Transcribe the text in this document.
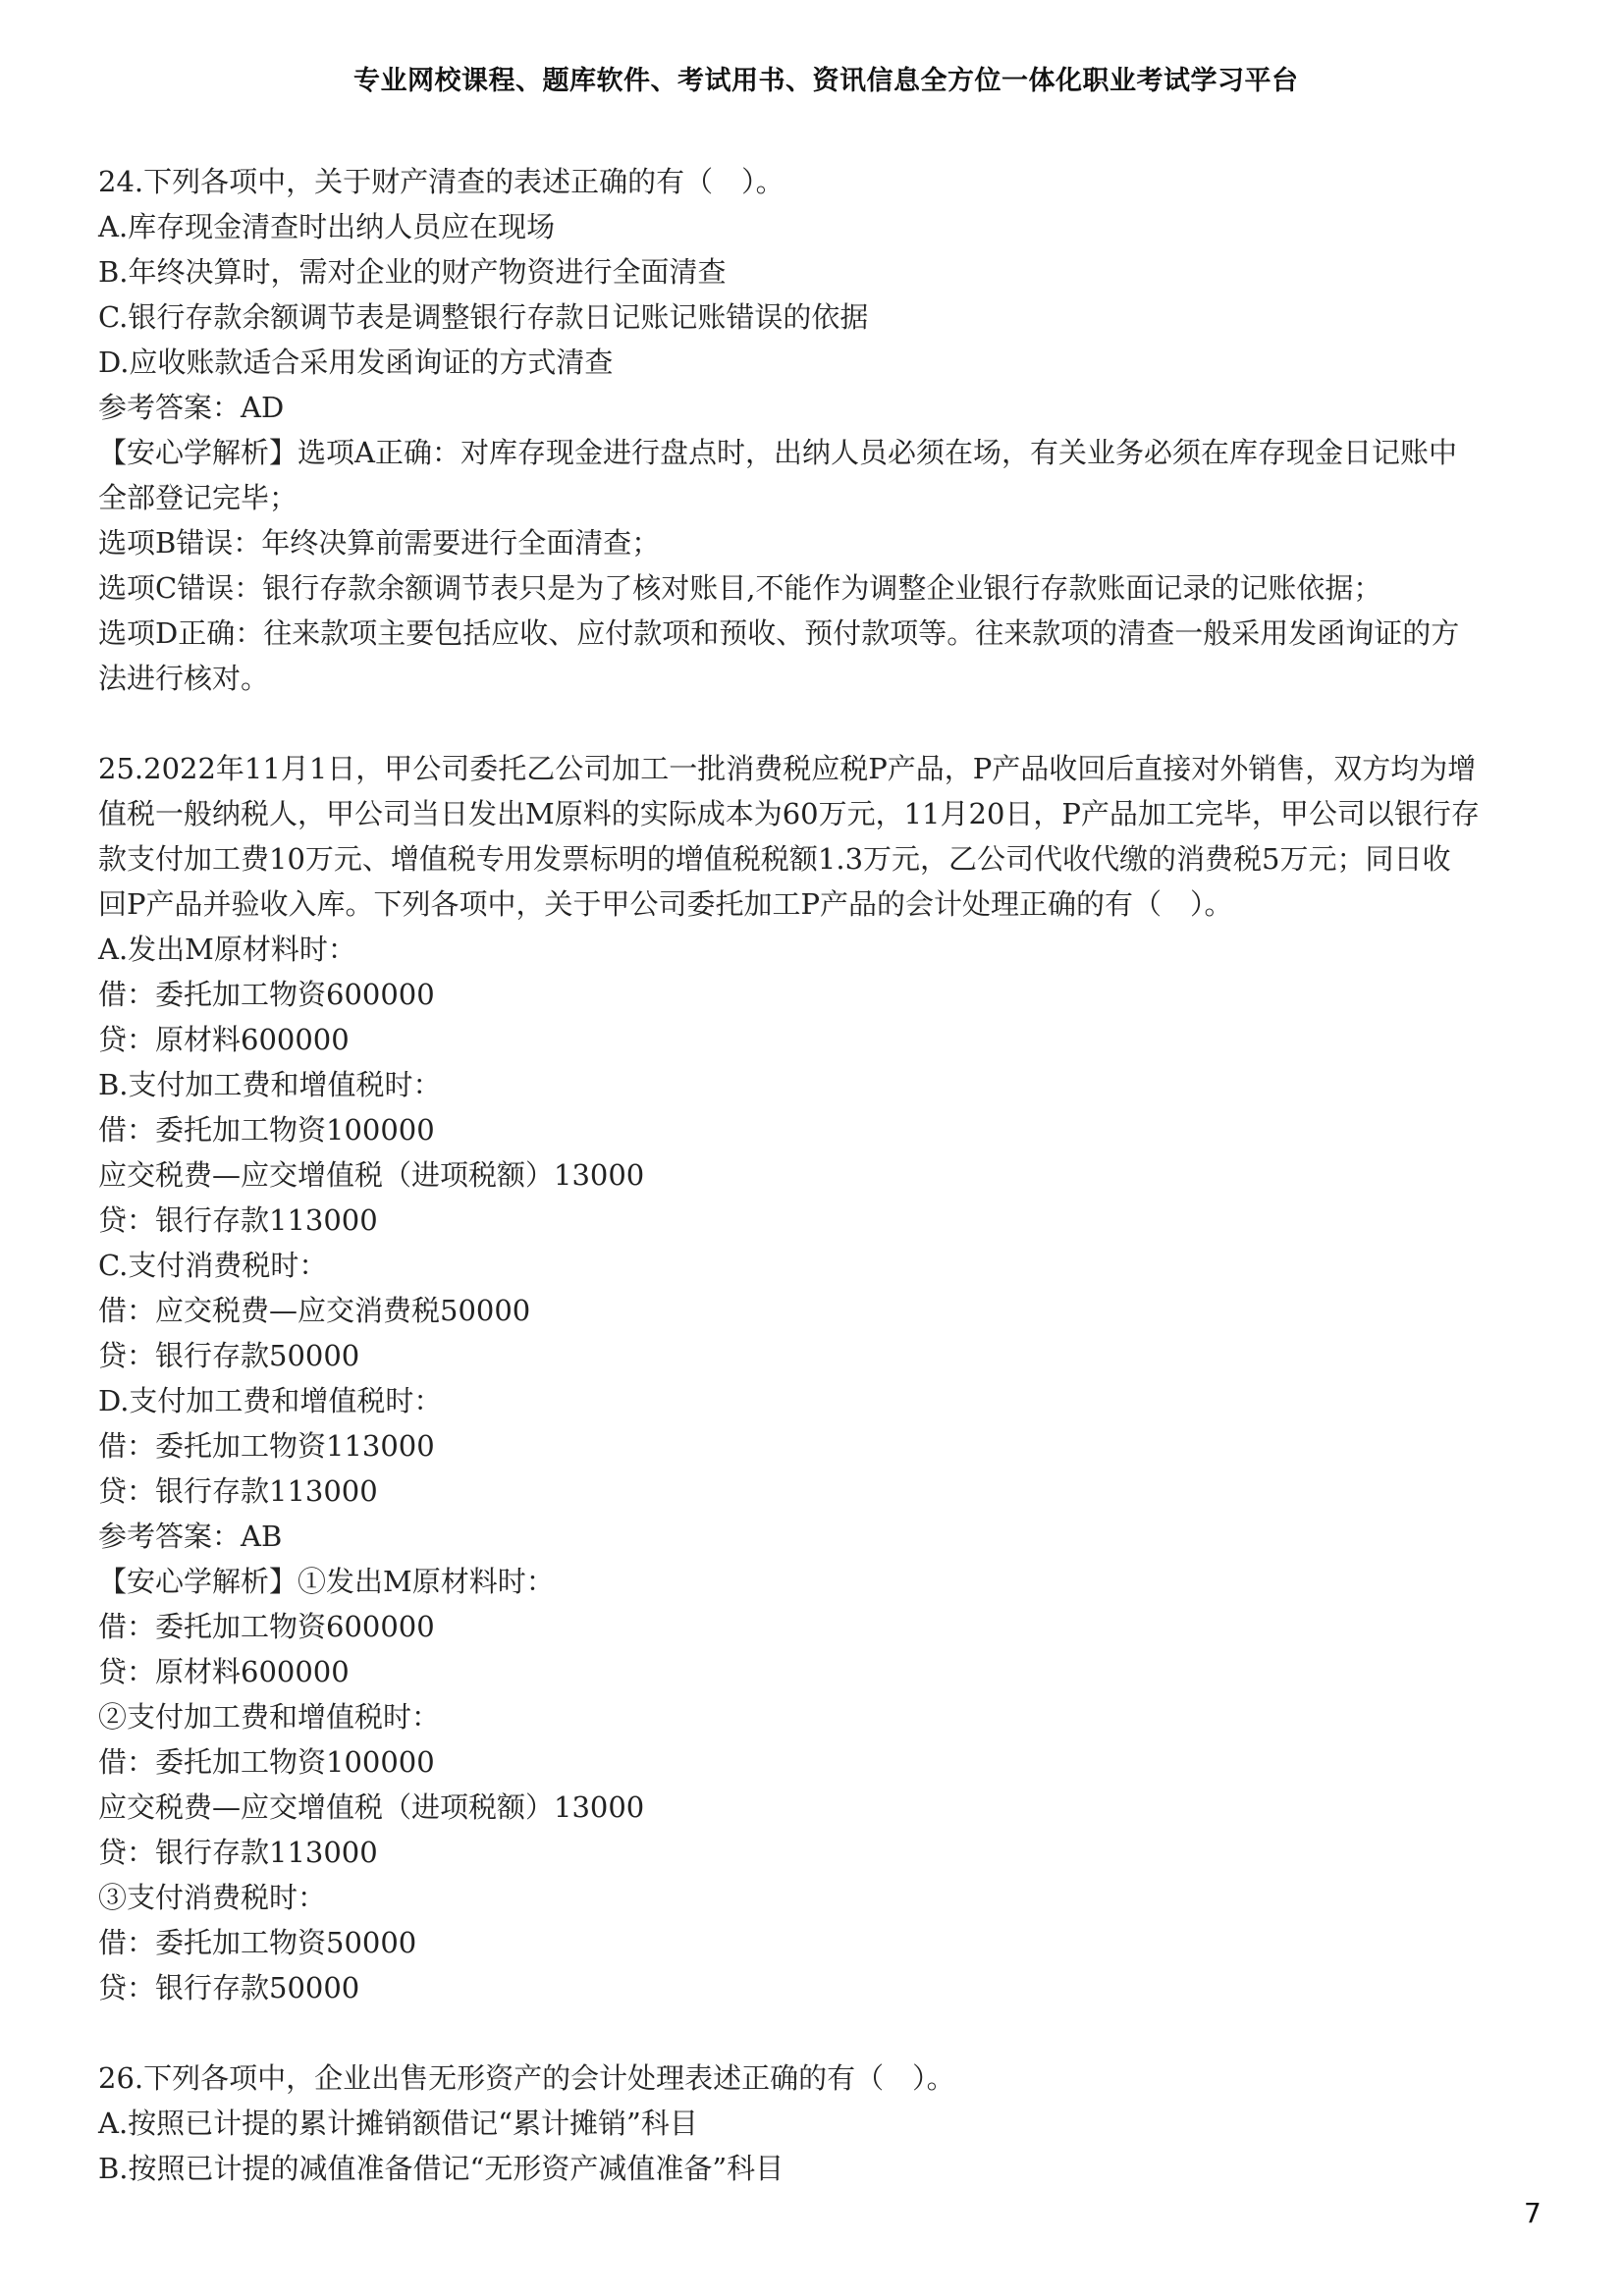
专业网校课程、题库软件、考试用书、资讯信息全方位一体化职业考试学习平台

24.下列各项中，关于财产清查的表述正确的有（　）。

A.库存现金清查时出纳人员应在现场

B.年终决算时，需对企业的财产物资进行全面清查

C.银行存款余额调节表是调整银行存款日记账记账错误的依据

D.应收账款适合采用发函询证的方式清查

参考答案：AD

【安心学解析】选项A正确：对库存现金进行盘点时，出纳人员必须在场，有关业务必须在库存现金日记账中

全部登记完毕；

选项B错误：年终决算前需要进行全面清查；

选项C错误：银行存款余额调节表只是为了核对账目,不能作为调整企业银行存款账面记录的记账依据；

选项D正确：往来款项主要包括应收、应付款项和预收、预付款项等。往来款项的清查一般采用发函询证的方

法进行核对。

25.2022年11月1日，甲公司委托乙公司加工一批消费税应税P产品，P产品收回后直接对外销售，双方均为增

值税一般纳税人，甲公司当日发出M原料的实际成本为60万元，11月20日，P产品加工完毕，甲公司以银行存

款支付加工费10万元、增值税专用发票标明的增值税税额1.3万元，乙公司代收代缴的消费税5万元；同日收

回P产品并验收入库。下列各项中，关于甲公司委托加工P产品的会计处理正确的有（　）。

A.发出M原材料时：

借：委托加工物资600000

贷：原材料600000

B.支付加工费和增值税时：

借：委托加工物资100000

应交税费—应交增值税（进项税额）13000

贷：银行存款113000

C.支付消费税时：

借：应交税费—应交消费税50000

贷：银行存款50000

D.支付加工费和增值税时：

借：委托加工物资113000

贷：银行存款113000

参考答案：AB

【安心学解析】①发出M原材料时：

借：委托加工物资600000

贷：原材料600000

②支付加工费和增值税时：

借：委托加工物资100000

应交税费—应交增值税（进项税额）13000

贷：银行存款113000

③支付消费税时：

借：委托加工物资50000

贷：银行存款50000

26.下列各项中，企业出售无形资产的会计处理表述正确的有（　）。

A.按照已计提的累计摊销额借记“累计摊销”科目

B.按照已计提的减值准备借记“无形资产减值准备”科目

7
